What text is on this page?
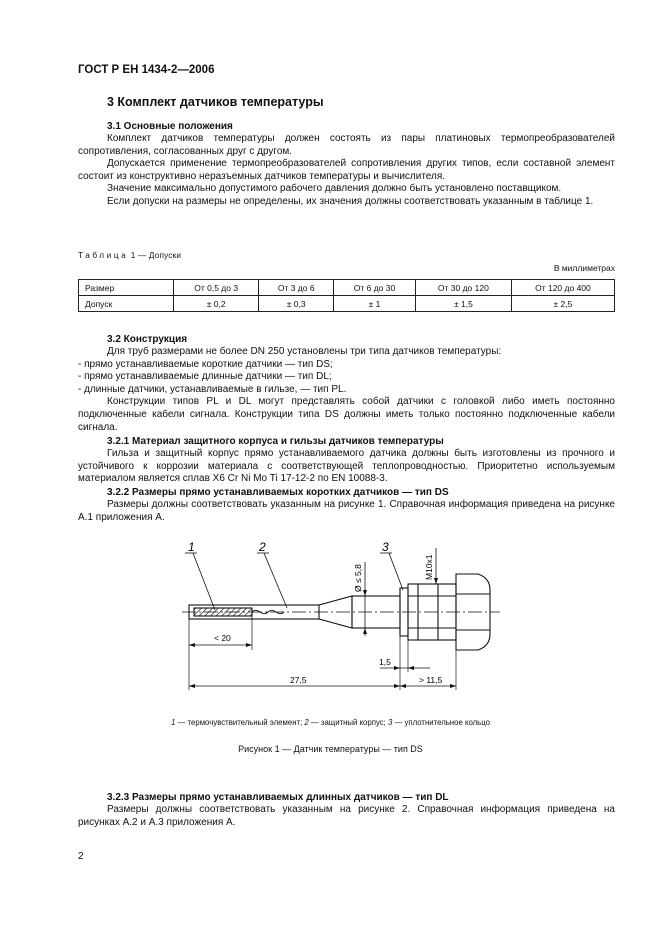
ГОСТ Р ЕН 1434-2—2006
3 Комплект датчиков температуры
3.1 Основные положения

Комплект датчиков температуры должен состоять из пары платиновых термопреобразователей сопротивления, согласованных друг с другом.

Допускается применение термопреобразователей сопротивления других типов, если составной элемент состоит из конструктивно неразъемных датчиков температуры и вычислителя.

Значение максимально допустимого рабочего давления должно быть установлено поставщиком.

Если допуски на размеры не определены, их значения должны соответствовать указанным в таблице 1.

Таблица 1 — Допуски
В миллиметрах
Размер	От 0,5 до 3	От 3 до 6	От 6 до 30	От 30 до 120	От 120 до 400
Допуск	± 0,2	± 0,3	± 1	± 1,5	± 2,5
3.2 Конструкция

Для труб размерами не более DN 250 установлены три типа датчиков температуры:

- прямо устанавливаемые короткие датчики — тип DS;

- прямо устанавливаемые длинные датчики — тип DL;

- длинные датчики, устанавливаемые в гильзе, — тип PL.

Конструкции типов PL и DL могут представлять собой датчики с головкой либо иметь постоянно подключенные кабели сигнала. Конструкции типа DS должны иметь только постоянно подключенные кабели сигнала.

3.2.1 Материал защитного корпуса и гильзы датчиков температуры

Гильза и защитный корпус прямо устанавливаемого датчика должны быть изготовлены из прочного и устойчивого к коррозии материала с соответствующей теплопроводностью. Приоритетно используемым материалом является сплав X6 Cr Ni Mo Ti 17-12-2 по EN 10088-3.

3.2.2 Размеры прямо устанавливаемых коротких датчиков — тип DS

Размеры должны соответствовать указанным на рисунке 1. Справочная информация приведена на рисунке А.1 приложения А.

1	2	3
< 20
27,5
1,5
> 11,5
Ø ≤ 5,8	M10x1
1 — термочувствительный элемент; 2 — защитный корпус; 3 — уплотнительное кольцо
Рисунок 1 — Датчик температуры — тип DS
3.2.3 Размеры прямо устанавливаемых длинных датчиков — тип DL

Размеры должны соответствовать указанным на рисунке 2. Справочная информация приведена на рисунках А.2 и А.3 приложения А.

2
